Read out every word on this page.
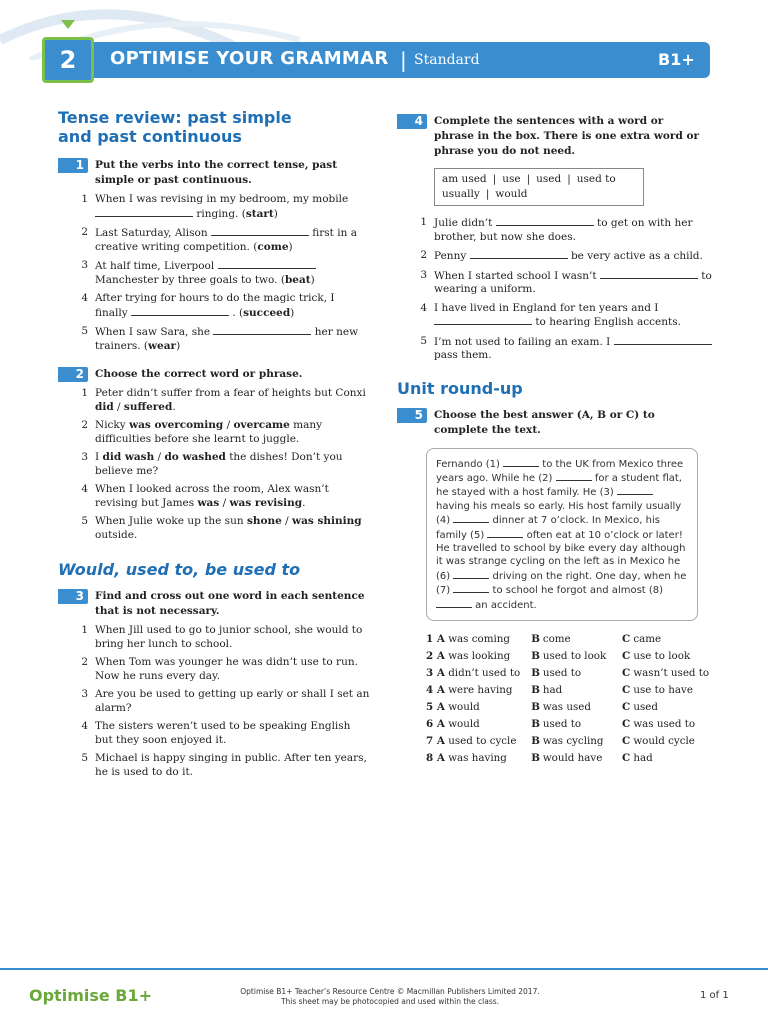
2	OPTIMISE YOUR GRAMMAR | Standard	B1+
Tense review: past simple and past continuous
1	Put the verbs into the correct tense, past simple or past continuous.
1 When I was revising in my bedroom, my mobile  ringing. (start)
2 Last Saturday, Alison	first in a creative writing competition. (come)
3 At half time, Liverpool  Manchester by three goals to two. (beat)
4 After trying for hours to do the magic trick, I finally	. (succeed)
5 When I saw Sara, she	her new trainers. (wear)
2	Choose the correct word or phrase.
1 Peter didn’t suffer from a fear of heights but Conxi did / suffered.
2 Nicky was overcoming / overcame many difficulties before she learnt to juggle.
3 I did wash / do washed the dishes! Don’t you believe me?
4 When I looked across the room, Alex wasn’t revising but James was / was revising.
5 When Julie woke up the sun shone / was shining outside.
Would, used to, be used to
3	Find and cross out one word in each sentence that is not necessary.
1 When Jill used to go to junior school, she would to bring her lunch to school.
2 When Tom was younger he was didn’t use to run. Now he runs every day.
3 Are you be used to getting up early or shall I set an alarm?
4 The sisters weren’t used to be speaking English but they soon enjoyed it.
5 Michael is happy singing in public. After ten years, he is used to do it.
4	Complete the sentences with a word or phrase in the box. There is one extra word or phrase you do not need.
am used | use | used | used to
usually | would
1 Julie didn’t	to get on with her brother, but now she does.
2 Penny	be very active as a child.
3 When I started school I wasn’t	to wearing a uniform.
4 I have lived in England for ten years and I  to hearing English accents.
5 I’m not used to failing an exam. I  pass them.
Unit round-up
5	Choose the best answer (A, B or C) to complete the text.
Fernando (1)	to the UK from Mexico three years ago. While he (2)	for a student flat, he stayed with a host family. He (3)  having his meals so early. His host family usually (4)	dinner at 7 o’clock. In Mexico, his family (5)	often eat at 10 o’clock or later! He travelled to school by bike every day although it was strange cycling on the left as in Mexico he (6)	driving on the right. One day, when he (7)	to school he forgot and almost (8)  an accident.
1	A	was coming	B	come	C	came
2	A	was looking	B	used to look	C	use to look
3	A	didn’t used to	B	used to	C	wasn’t used to
4	A	were having	B	had	C	use to have
5	A	would	B	was used	C	used
6	A	would	B	used to	C	was used to
7	A	used to cycle	B	was cycling	C	would cycle
8	A	was having	B	would have	C	had
Optimise B1+	Optimise B1+ Teacher’s Resource Centre © Macmillan Publishers Limited 2017.
This sheet may be photocopied and used within the class.
1 of 1
